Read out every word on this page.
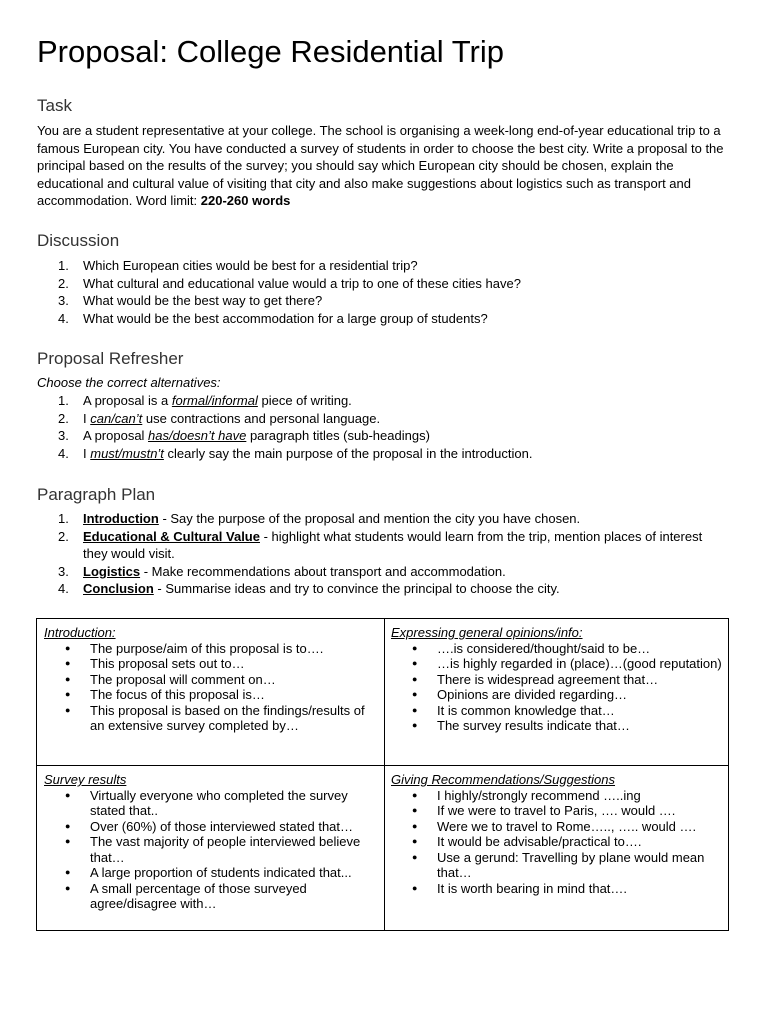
Proposal: College Residential Trip
Task

You are a student representative at your college. The school is organising a week-long end-of-year educational trip to a famous European city. You have conducted a survey of students in order to choose the best city. Write a proposal to the principal based on the results of the survey; you should say which European city should be chosen, explain the educational and cultural value of visiting that city and also make suggestions about logistics such as transport and accommodation. Word limit: 220-260 words

Discussion
1. Which European cities would be best for a residential trip?
2. What cultural and educational value would a trip to one of these cities have?
3. What would be the best way to get there?
4. What would be the best accommodation for a large group of students?
Proposal Refresher

Choose the correct alternatives:

1. A proposal is a formal/informal piece of writing.
2. I can/can’t use contractions and personal language.
3. A proposal has/doesn’t have paragraph titles (sub-headings)
4. I must/mustn’t clearly say the main purpose of the proposal in the introduction.
Paragraph Plan
1. Introduction - Say the purpose of the proposal and mention the city you have chosen.
2. Educational & Cultural Value - highlight what students would learn from the trip, mention places of interest they would visit.
3. Logistics - Make recommendations about transport and accommodation.
4. Conclusion - Summarise ideas and try to convince the principal to choose the city.

Introduction:

● The purpose/aim of this proposal is to….
● This proposal sets out to…
● The proposal will comment on…
● The focus of this proposal is…
● This proposal is based on the findings/results of an extensive survey completed by…

Expressing general opinions/info:

● ….is considered/thought/said to be…
● …is highly regarded in (place)…(good reputation)
● There is widespread agreement that…
● Opinions are divided regarding…
● It is common knowledge that…
● The survey results indicate that…

Survey results

● Virtually everyone who completed the survey stated that..
● Over (60%) of those interviewed stated that…
● The vast majority of people interviewed believe that…
● A large proportion of students indicated that...
● A small percentage of those surveyed agree/disagree with…

Giving Recommendations/Suggestions

● I highly/strongly recommend …..ing
● If we were to travel to Paris, …. would ….
● Were we to travel to Rome….., ….. would ….
● It would be advisable/practical to….
● Use a gerund: Travelling by plane would mean that…
● It is worth bearing in mind that….
